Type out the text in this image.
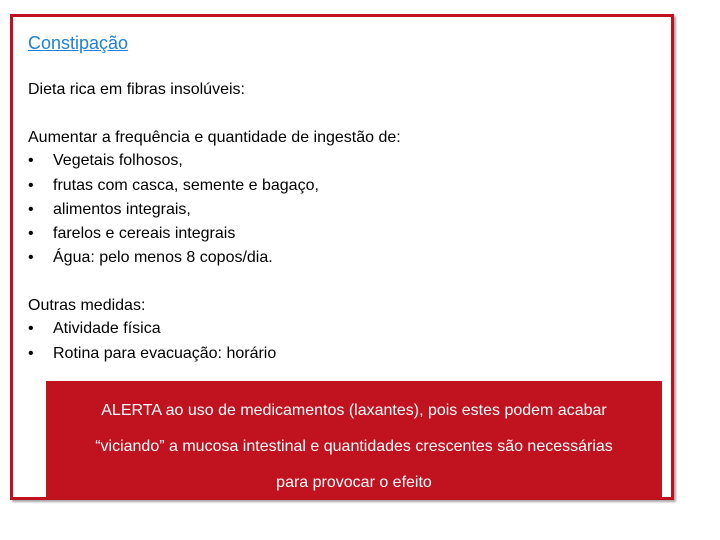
Constipação
Dieta rica em fibras insolúveis:
Aumentar a frequência e quantidade de ingestão de:
• Vegetais folhosos,
• frutas com casca, semente e bagaço,
• alimentos integrais,
• farelos e cereais integrais
• Água: pelo menos 8 copos/dia.
Outras medidas:
• Atividade física
• Rotina para evacuação: horário
ALERTA ao uso de medicamentos (laxantes), pois estes podem acabar
“viciando” a mucosa intestinal e quantidades crescentes são necessárias
para provocar o efeito
